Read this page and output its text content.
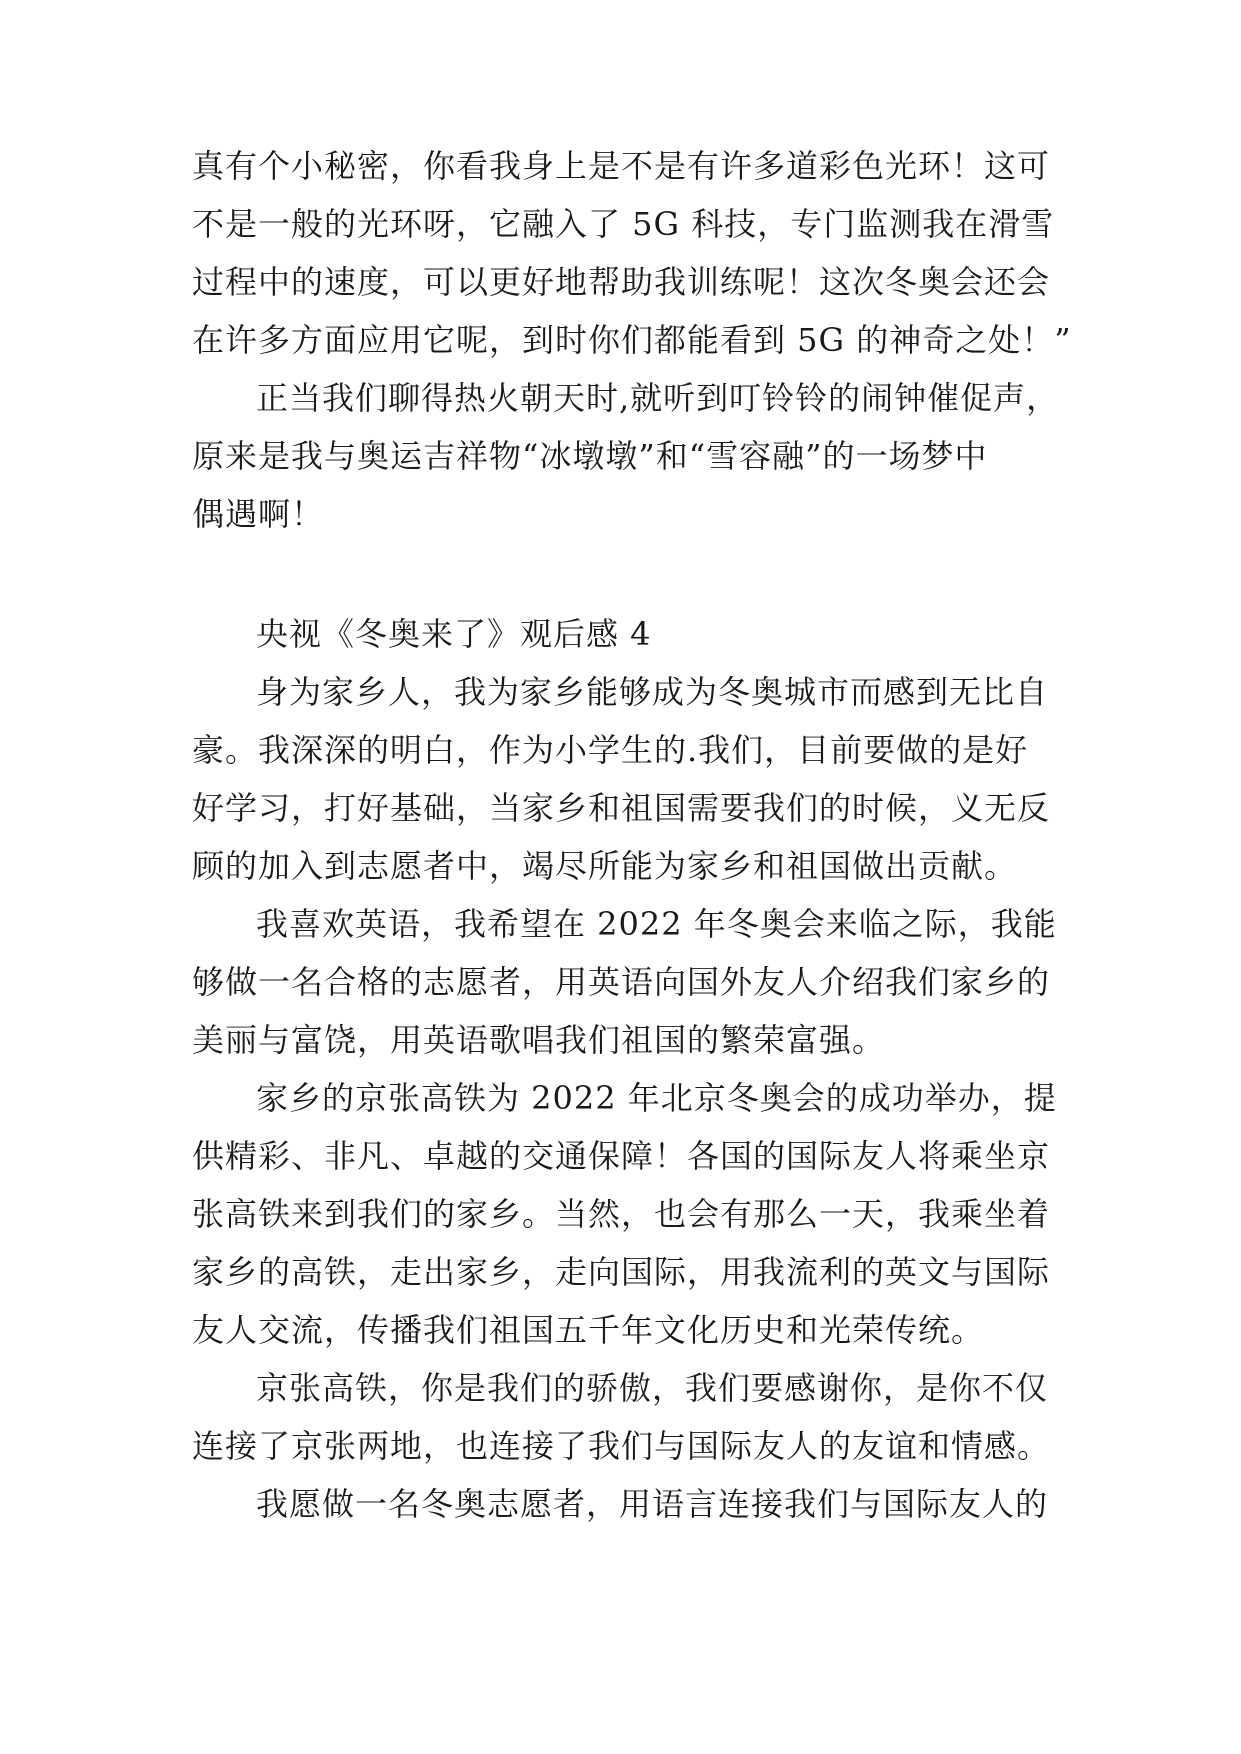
真有个小秘密，你看我身上是不是有许多道彩色光环！这可
不是一般的光环呀，它融入了 5G 科技，专门监测我在滑雪
过程中的速度，可以更好地帮助我训练呢！这次冬奥会还会
在许多方面应用它呢，到时你们都能看到 5G 的神奇之处！”
正当我们聊得热火朝天时,就听到叮铃铃的闹钟催促声，
原来是我与奥运吉祥物“冰墩墩”和“雪容融”的一场梦中
偶遇啊！
央视《冬奥来了》观后感 4
身为家乡人，我为家乡能够成为冬奥城市而感到无比自
豪。我深深的明白，作为小学生的.我们，目前要做的是好
好学习，打好基础，当家乡和祖国需要我们的时候，义无反
顾的加入到志愿者中，竭尽所能为家乡和祖国做出贡献。
我喜欢英语，我希望在 2022 年冬奥会来临之际，我能
够做一名合格的志愿者，用英语向国外友人介绍我们家乡的
美丽与富饶，用英语歌唱我们祖国的繁荣富强。
家乡的京张高铁为 2022 年北京冬奥会的成功举办，提
供精彩、非凡、卓越的交通保障！各国的国际友人将乘坐京
张高铁来到我们的家乡。当然，也会有那么一天，我乘坐着
家乡的高铁，走出家乡，走向国际，用我流利的英文与国际
友人交流，传播我们祖国五千年文化历史和光荣传统。
京张高铁，你是我们的骄傲，我们要感谢你，是你不仅
连接了京张两地，也连接了我们与国际友人的友谊和情感。
我愿做一名冬奥志愿者，用语言连接我们与国际友人的
